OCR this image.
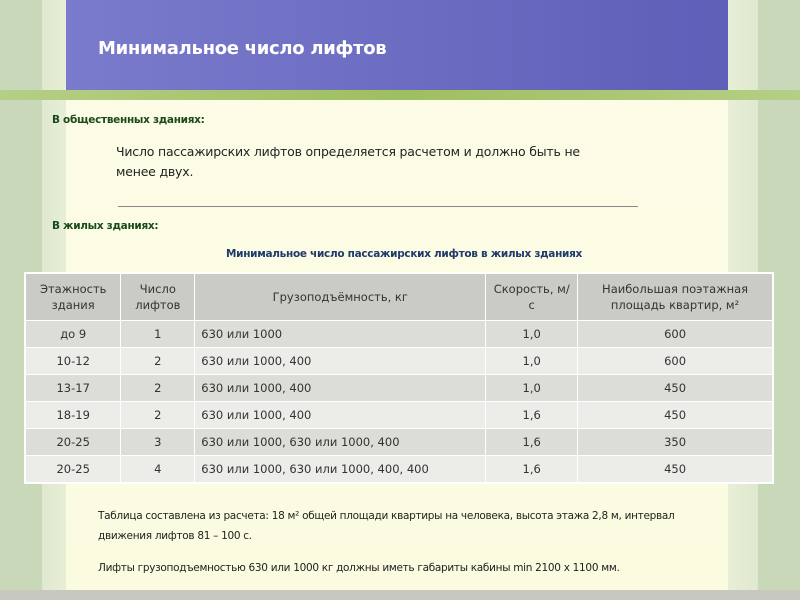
Минимальное число лифтов

В общественных зданиях:

Число пассажирских лифтов определяется расчетом и должно быть не менее двух.

В жилых зданиях:

Минимальное число пассажирских лифтов в жилых зданиях

Этажность здания	Число лифтов	Грузоподъёмность, кг	Скорость, м/с	Наибольшая поэтажная площадь квартир, м²
до 9	1	630 или 1000	1,0	600
10-12	2	630 или 1000, 400	1,0	600
13-17	2	630 или 1000, 400	1,0	450
18-19	2	630 или 1000, 400	1,6	450
20-25	3	630 или 1000, 630 или 1000, 400	1,6	350
20-25	4	630 или 1000, 630 или 1000, 400, 400	1,6	450

Таблица составлена из расчета: 18 м² общей площади квартиры на человека, высота этажа 2,8 м, интервал движения лифтов 81 – 100 с.

Лифты грузоподъемностью 630 или 1000 кг должны иметь габариты кабины min 2100 х 1100 мм.
